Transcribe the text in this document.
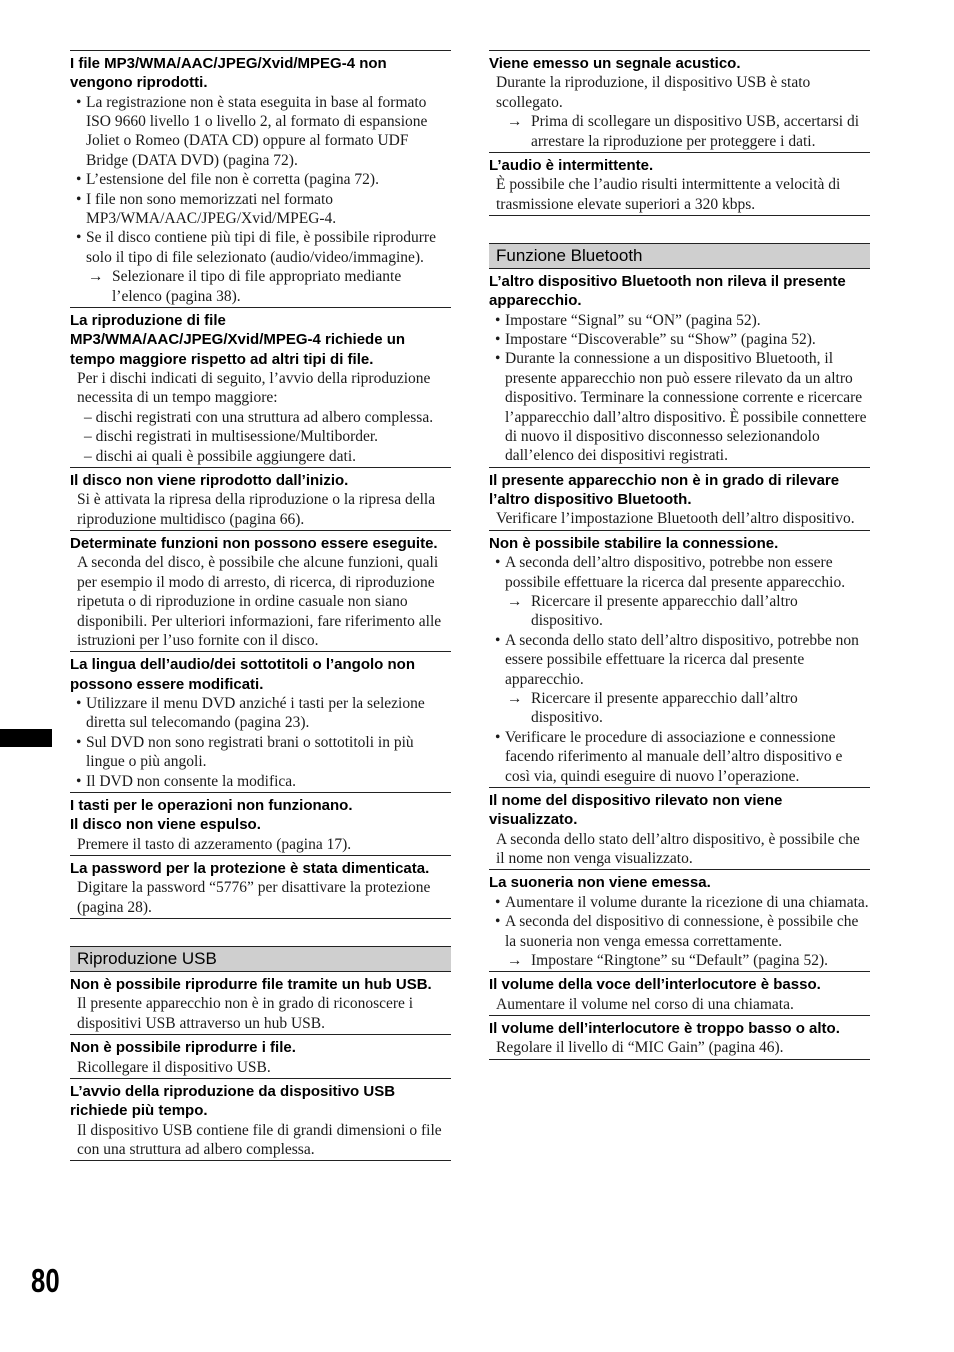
I file MP3/WMA/AAC/JPEG/Xvid/MPEG-4 non vengono riprodotti.
• La registrazione non è stata eseguita in base al formato ISO 9660 livello 1 o livello 2, al formato di espansione Joliet o Romeo (DATA CD) oppure al formato UDF Bridge (DATA DVD) (pagina 72).
• L’estensione del file non è corretta (pagina 72).
• I file non sono memorizzati nel formato MP3/WMA/AAC/JPEG/Xvid/MPEG-4.
• Se il disco contiene più tipi di file, è possibile riprodurre solo il tipo di file selezionato (audio/video/immagine).
→ Selezionare il tipo di file appropriato mediante l’elenco (pagina 38).
La riproduzione di file MP3/WMA/AAC/JPEG/Xvid/MPEG-4 richiede un tempo maggiore rispetto ad altri tipi di file.
Per i dischi indicati di seguito, l’avvio della riproduzione necessita di un tempo maggiore:
– dischi registrati con una struttura ad albero complessa.
– dischi registrati in multisessione/Multiborder.
– dischi ai quali è possibile aggiungere dati.
Il disco non viene riprodotto dall’inizio.
Si è attivata la ripresa della riproduzione o la ripresa della riproduzione multidisco (pagina 66).
Determinate funzioni non possono essere eseguite.
A seconda del disco, è possibile che alcune funzioni, quali per esempio il modo di arresto, di ricerca, di riproduzione ripetuta o di riproduzione in ordine casuale non siano disponibili. Per ulteriori informazioni, fare riferimento alle istruzioni per l’uso fornite con il disco.
La lingua dell’audio/dei sottotitoli o l’angolo non possono essere modificati.
• Utilizzare il menu DVD anziché i tasti per la selezione diretta sul telecomando (pagina 23).
• Sul DVD non sono registrati brani o sottotitoli in più lingue o più angoli.
• Il DVD non consente la modifica.
I tasti per le operazioni non funzionano.
Il disco non viene espulso.
Premere il tasto di azzeramento (pagina 17).
La password per la protezione è stata dimenticata.
Digitare la password “5776” per disattivare la protezione (pagina 28).
Riproduzione USB
Non è possibile riprodurre file tramite un hub USB.
Il presente apparecchio non è in grado di riconoscere i dispositivi USB attraverso un hub USB.
Non è possibile riprodurre i file.
Ricollegare il dispositivo USB.
L’avvio della riproduzione da dispositivo USB richiede più tempo.
Il dispositivo USB contiene file di grandi dimensioni o file con una struttura ad albero complessa.
Viene emesso un segnale acustico.
Durante la riproduzione, il dispositivo USB è stato scollegato.
→ Prima di scollegare un dispositivo USB, accertarsi di arrestare la riproduzione per proteggere i dati.
L’audio è intermittente.
È possibile che l’audio risulti intermittente a velocità di trasmissione elevate superiori a 320 kbps.
Funzione Bluetooth
L’altro dispositivo Bluetooth non rileva il presente apparecchio.
• Impostare “Signal” su “ON” (pagina 52).
• Impostare “Discoverable” su “Show” (pagina 52).
• Durante la connessione a un dispositivo Bluetooth, il presente apparecchio non può essere rilevato da un altro dispositivo. Terminare la connessione corrente e ricercare l’apparecchio dall’altro dispositivo. È possibile connettere di nuovo il dispositivo disconnesso selezionandolo dall’elenco dei dispositivi registrati.
Il presente apparecchio non è in grado di rilevare l’altro dispositivo Bluetooth.
Verificare l’impostazione Bluetooth dell’altro dispositivo.
Non è possibile stabilire la connessione.
• A seconda dell’altro dispositivo, potrebbe non essere possibile effettuare la ricerca dal presente apparecchio.
→ Ricercare il presente apparecchio dall’altro dispositivo.
• A seconda dello stato dell’altro dispositivo, potrebbe non essere possibile effettuare la ricerca dal presente apparecchio.
→ Ricercare il presente apparecchio dall’altro dispositivo.
• Verificare le procedure di associazione e connessione facendo riferimento al manuale dell’altro dispositivo e così via, quindi eseguire di nuovo l’operazione.
Il nome del dispositivo rilevato non viene visualizzato.
A seconda dello stato dell’altro dispositivo, è possibile che il nome non venga visualizzato.
La suoneria non viene emessa.
• Aumentare il volume durante la ricezione di una chiamata.
• A seconda del dispositivo di connessione, è possibile che la suoneria non venga emessa correttamente.
→ Impostare “Ringtone” su “Default” (pagina 52).
Il volume della voce dell’interlocutore è basso.
Aumentare il volume nel corso di una chiamata.
Il volume dell’interlocutore è troppo basso o alto.
Regolare il livello di “MIC Gain” (pagina 46).
80
